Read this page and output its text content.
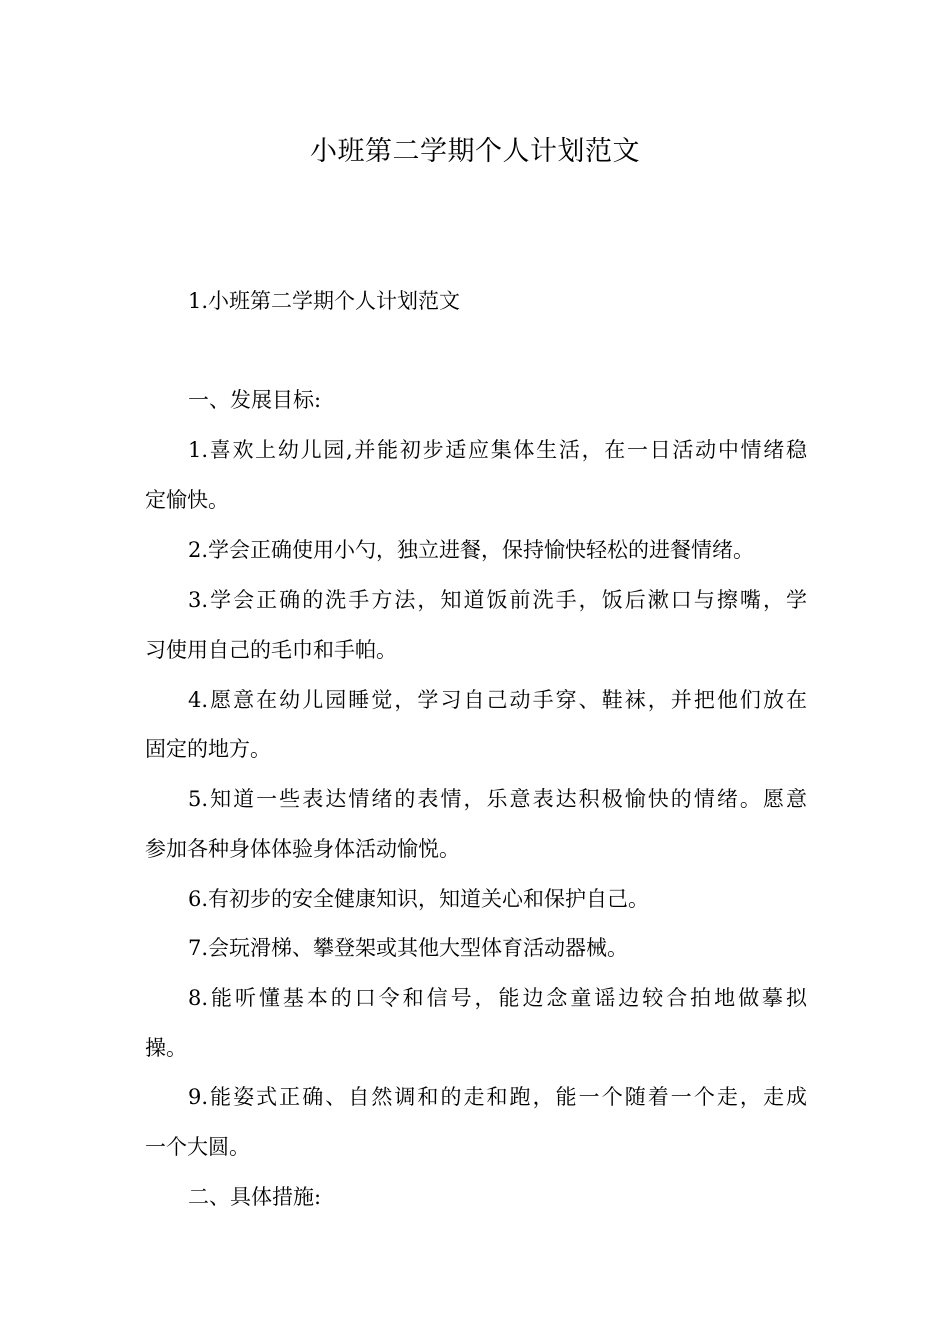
小班第二学期个人计划范文
1.小班第二学期个人计划范文
一、发展目标:
1.喜欢上幼儿园,并能初步适应集体生活，在一日活动中情绪稳
定愉快。
2.学会正确使用小勺，独立进餐，保持愉快轻松的进餐情绪。
3.学会正确的洗手方法，知道饭前洗手，饭后漱口与擦嘴，学
习使用自己的毛巾和手帕。
4.愿意在幼儿园睡觉，学习自己动手穿、鞋袜，并把他们放在
固定的地方。
5.知道一些表达情绪的表情，乐意表达积极愉快的情绪。愿意
参加各种身体体验身体活动愉悦。
6.有初步的安全健康知识，知道关心和保护自己。
7.会玩滑梯、攀登架或其他大型体育活动器械。
8.能听懂基本的口令和信号，能边念童谣边较合拍地做摹拟
操。
9.能姿式正确、自然调和的走和跑，能一个随着一个走，走成
一个大圆。
二、具体措施:
